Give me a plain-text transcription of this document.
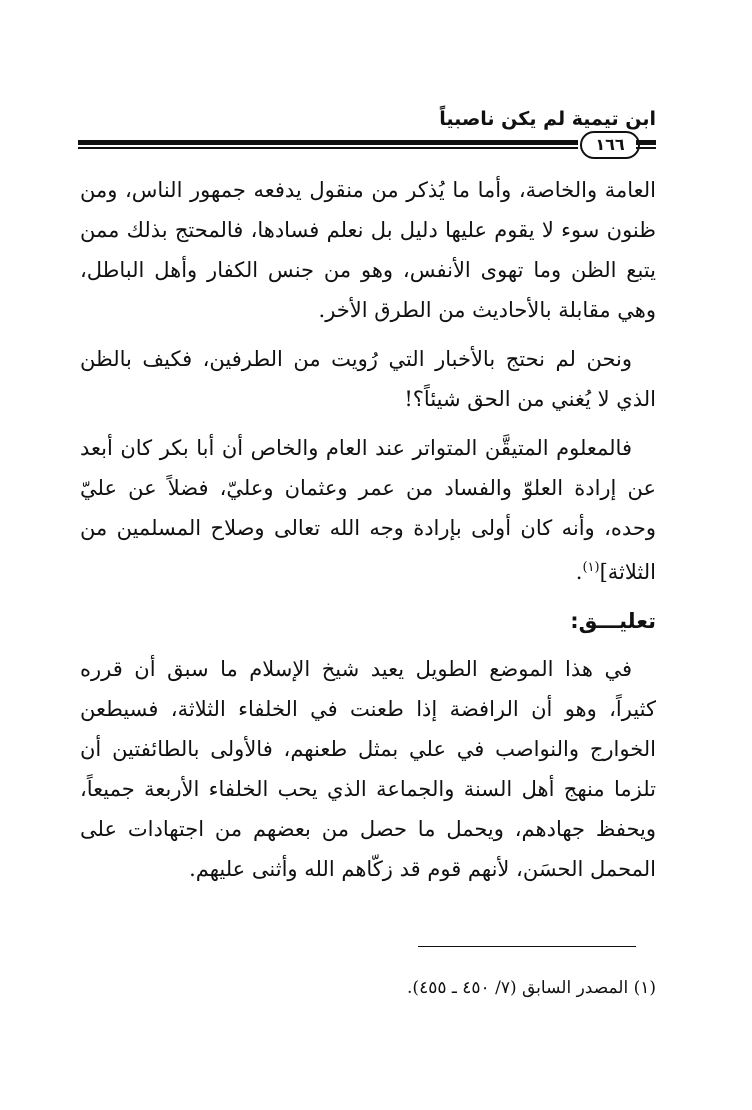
ابن تيمية لم يكن ناصبياً
١٦٦

العامة والخاصة، وأما ما يُذكر من منقول يدفعه جمهور الناس، ومن ظنون سوء لا يقوم عليها دليل بل نعلم فسادها، فالمحتج بذلك ممن يتبع الظن وما تهوى الأنفس، وهو من جنس الكفار وأهل الباطل، وهي مقابلة بالأحاديث من الطرق الأخر.

ونحن لم نحتج بالأخبار التي رُويت من الطرفين، فكيف بالظن الذي لا يُغني من الحق شيئاً؟!

فالمعلوم المتيقَّن المتواتر عند العام والخاص أن أبا بكر كان أبعد عن إرادة العلوّ والفساد من عمر وعثمان وعليّ، فضلاً عن عليّ وحده، وأنه كان أولى بإرادة وجه الله تعالى وصلاح المسلمين من الثلاثة]$^{(١)}$.

تعليـــق:

في هذا الموضع الطويل يعيد شيخ الإسلام ما سبق أن قرره كثيراً، وهو أن الرافضة إذا طعنت في الخلفاء الثلاثة، فسيطعن الخوارج والنواصب في علي بمثل طعنهم، فالأولى بالطائفتين أن تلزما منهج أهل السنة والجماعة الذي يحب الخلفاء الأربعة جميعاً، ويحفظ جهادهم، ويحمل ما حصل من بعضهم من اجتهادات على المحمل الحسَن، لأنهم قوم قد زكّاهم الله وأثنى عليهم.

(١) المصدر السابق (٧/ ٤٥٠ ـ ٤٥٥).
